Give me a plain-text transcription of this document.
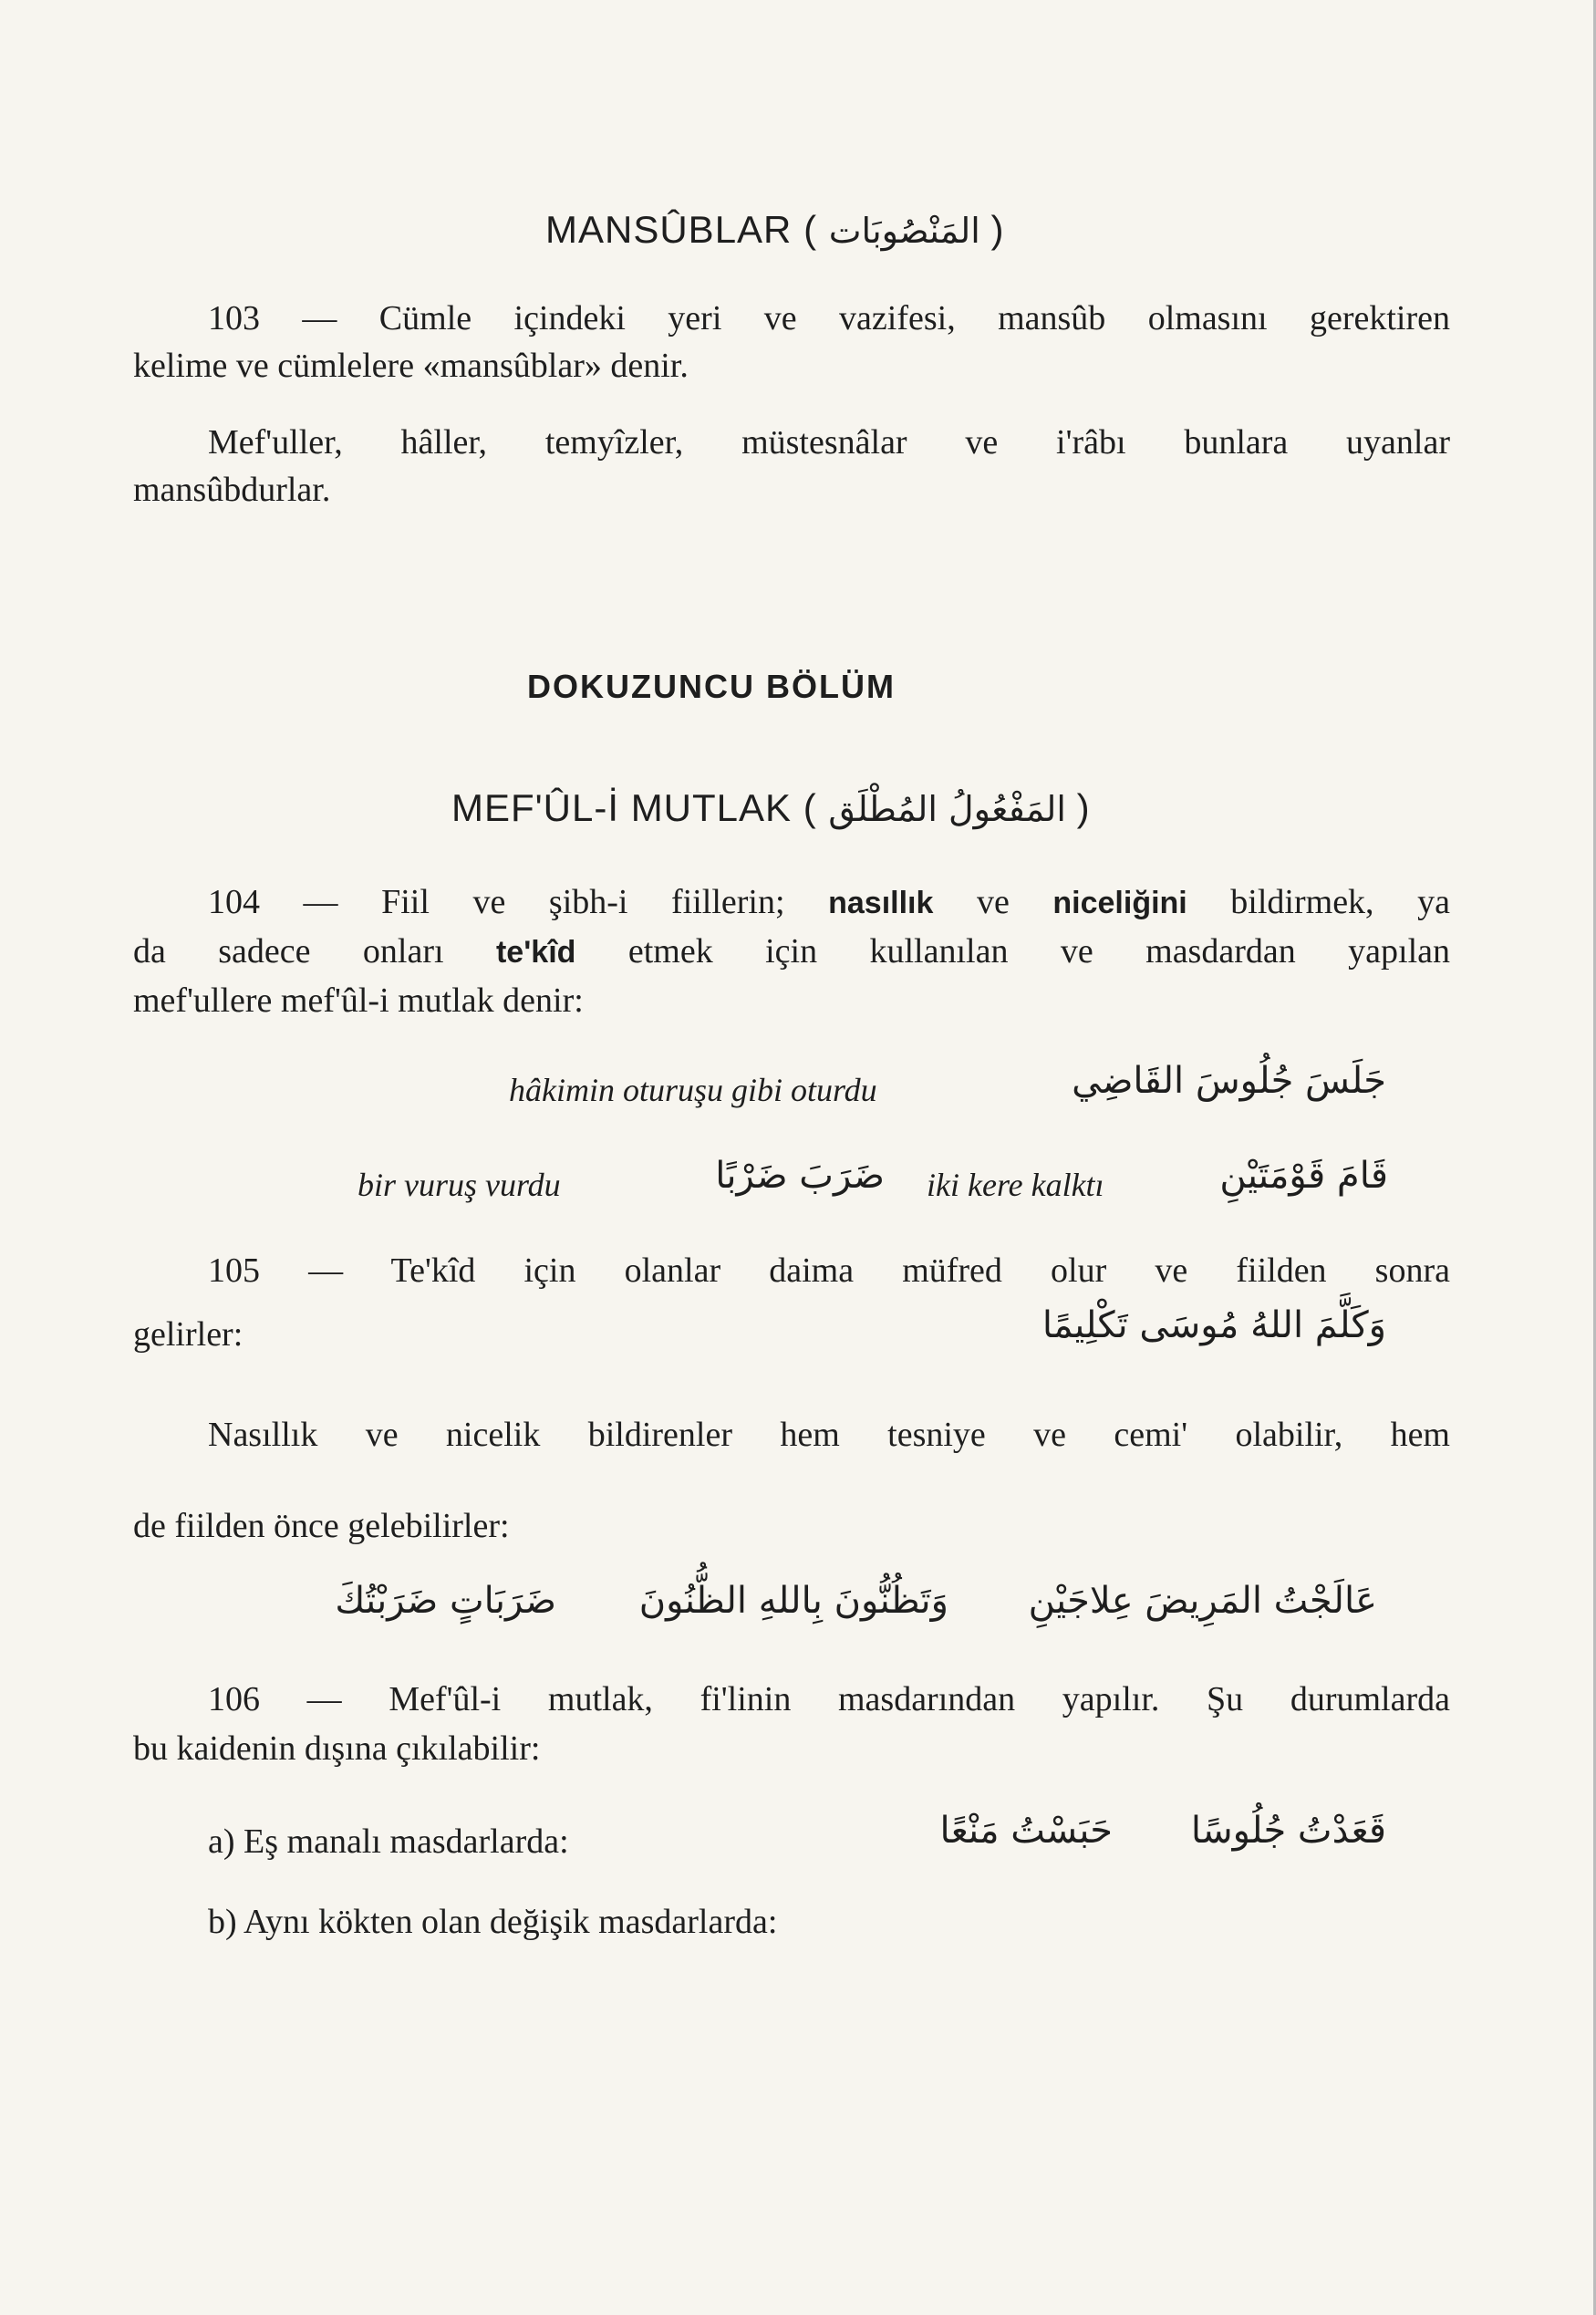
MANSÛBLAR ( المَنْصُوبَات )
103 — Cümle içindeki yeri ve vazifesi, mansûb olmasını gerektiren
kelime ve cümlelere «mansûblar» denir.
Mef'uller, hâller, temyîzler, müstesnâlar ve i'râbı bunlara uyanlar
mansûbdurlar.
DOKUZUNCU BÖLÜM
MEF'ÛL-İ MUTLAK ( المَفْعُولُ المُطْلَق )
104 — Fiil ve şibh-i fiillerin; nasıllık ve niceliğini bildirmek, ya
da sadece onları te'kîd etmek için kullanılan ve masdardan yapılan
mef'ullere mef'ûl-i mutlak denir:
hâkimin oturuşu gibi oturdu	جَلَسَ جُلُوسَ القَاضِي
bir vuruş vurdu	ضَرَبَ ضَرْبًا iki kere kalktı	قَامَ قَوْمَتَيْنِ
105 — Te'kîd için olanlar daima müfred olur ve fiilden sonra
gelirler:	وَكَلَّمَ اللهُ مُوسَى تَكْلِيمًا
Nasıllık ve nicelik bildirenler hem tesniye ve cemi' olabilir, hem
de fiilden önce gelebilirler:
عَالَجْتُ المَرِيضَ عِلاجَيْنِ
وَتَظُنُّونَ بِاللهِ الظُّنُونَ
ضَرَبَاتٍ ضَرَبْتُكَ
106 — Mef'ûl-i mutlak, fi'linin masdarından yapılır. Şu durumlarda
bu kaidenin dışına çıkılabilir:
a) Eş manalı masdarlarda:	قَعَدْتُ جُلُوسًا
حَبَسْتُ مَنْعًا
b) Aynı kökten olan değişik masdarlarda:
